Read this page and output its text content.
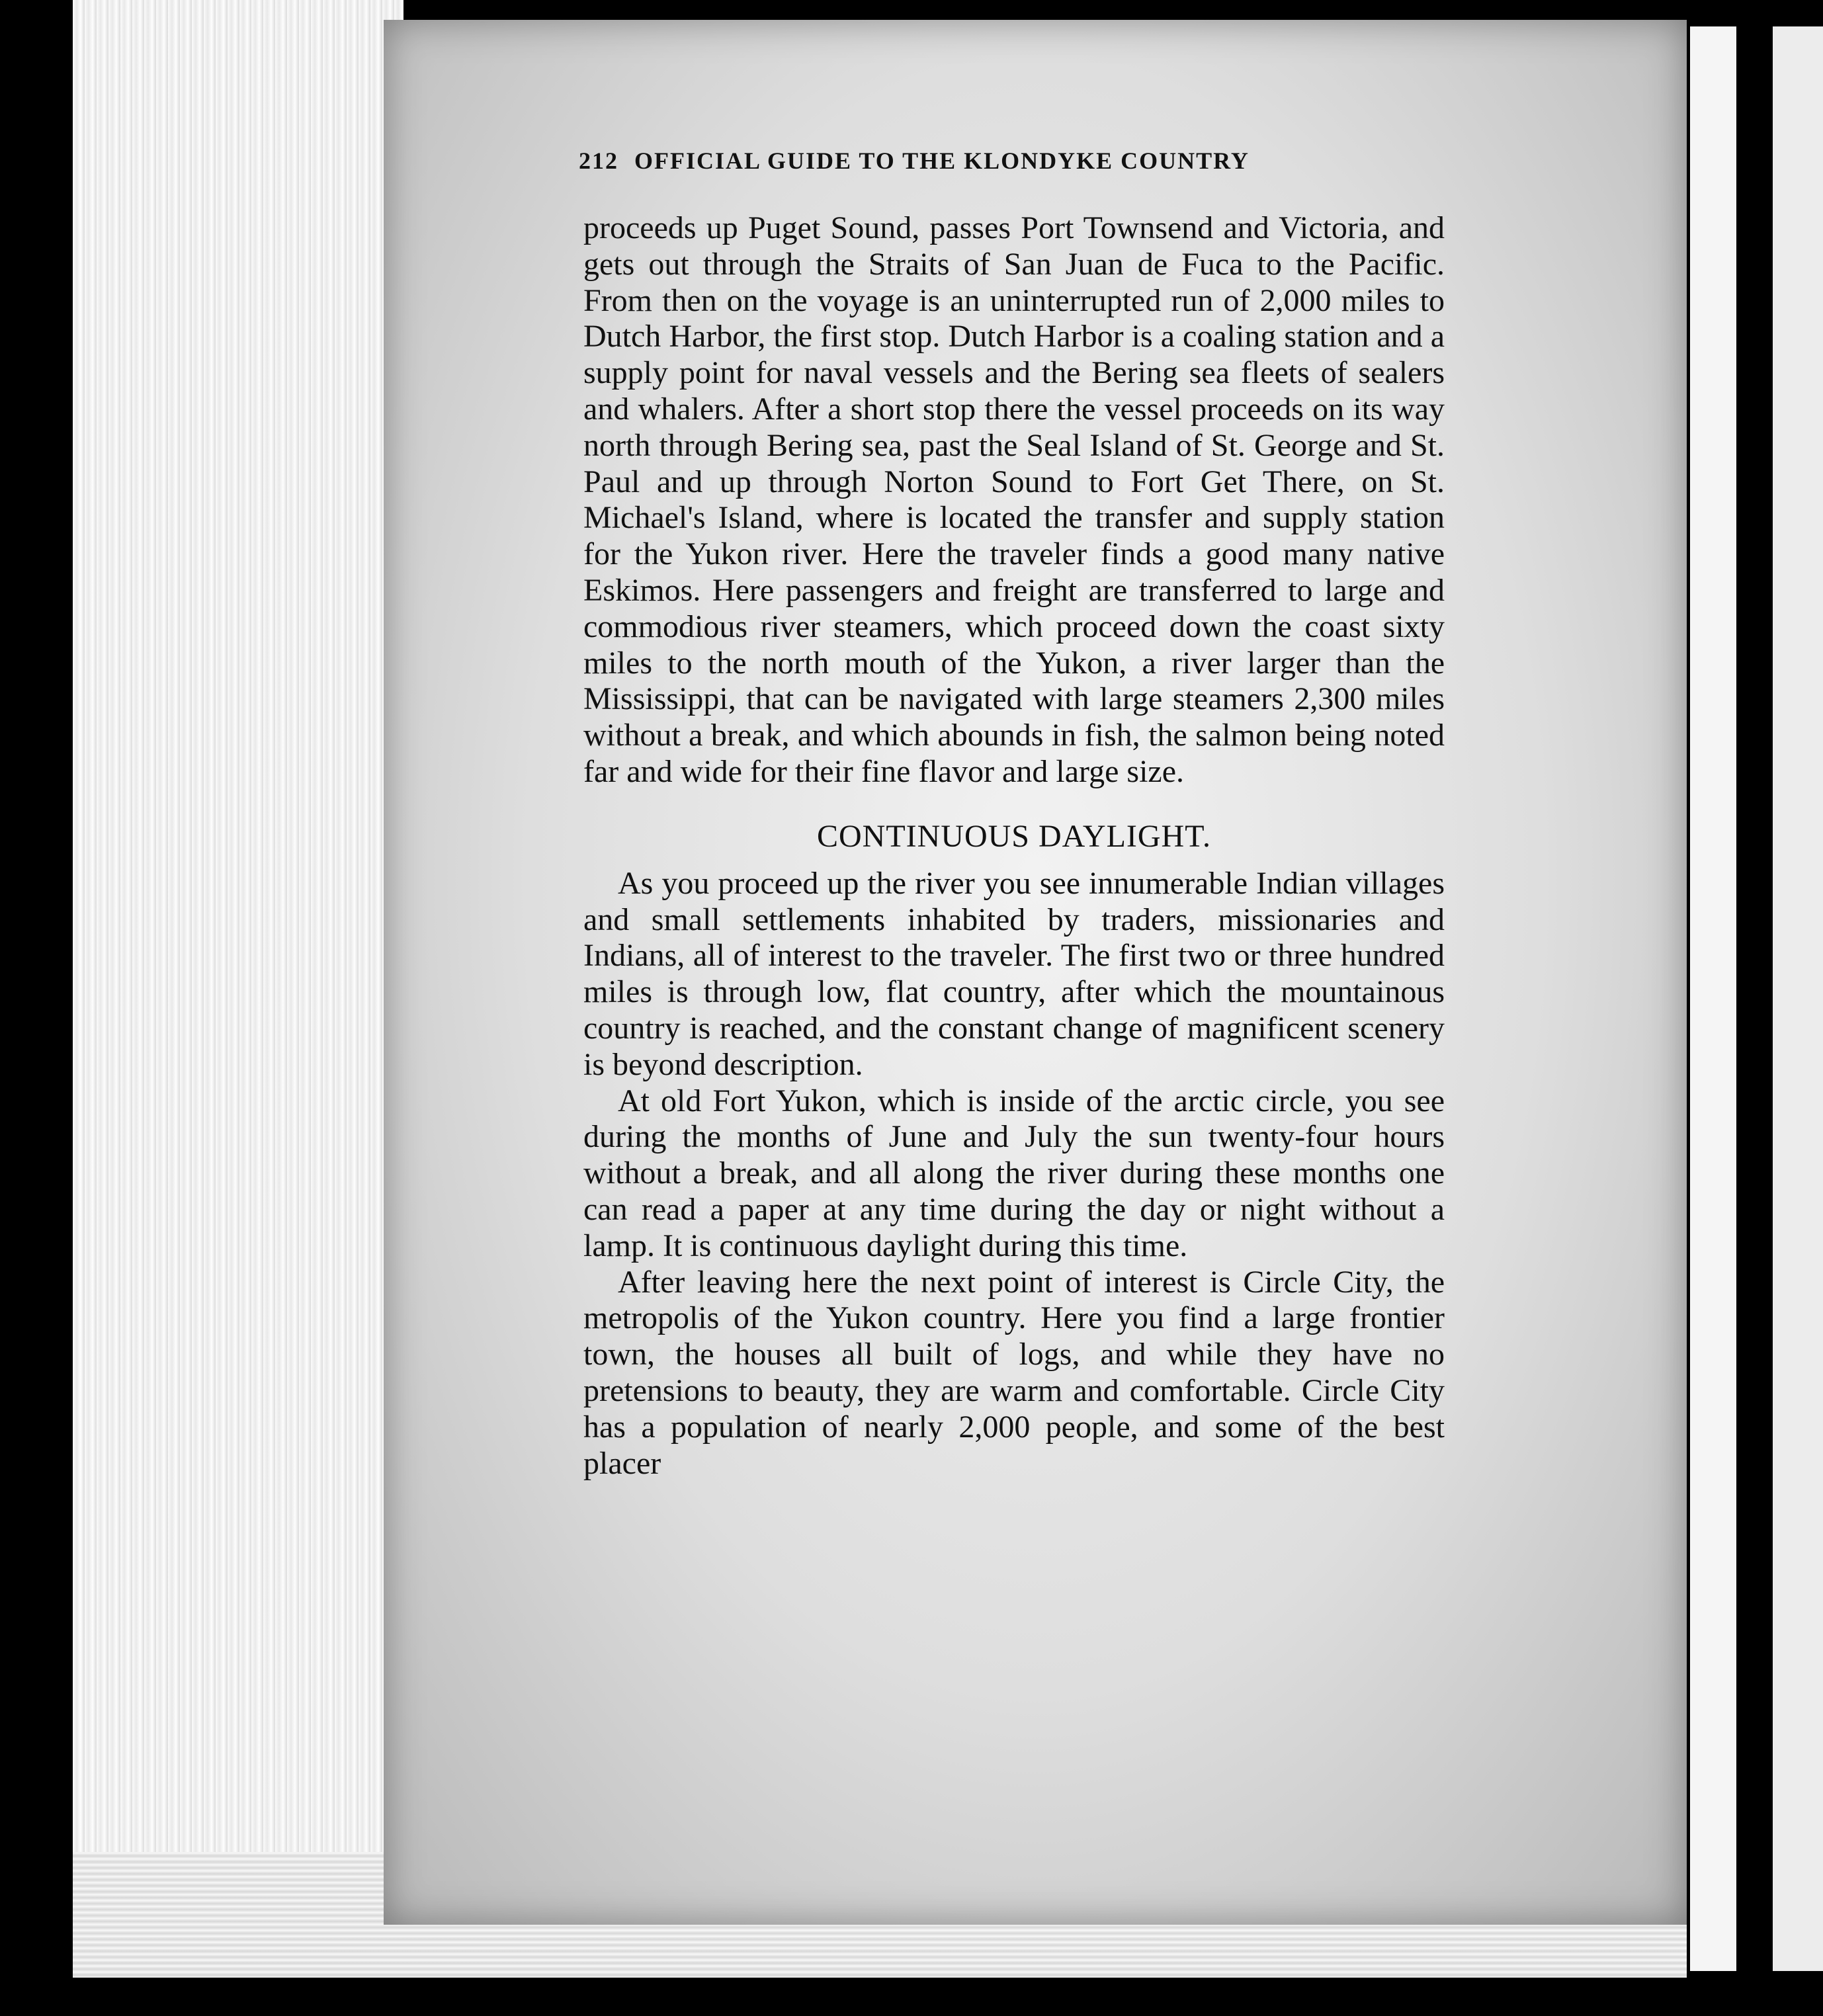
212 OFFICIAL GUIDE TO THE KLONDYKE COUNTRY

proceeds up Puget Sound, passes Port Townsend and Victoria, and gets out through the Straits of San Juan de Fuca to the Pacific. From then on the voyage is an uninterrupted run of 2,000 miles to Dutch Harbor, the first stop. Dutch Harbor is a coaling station and a supply point for naval vessels and the Bering sea fleets of sealers and whalers. After a short stop there the vessel proceeds on its way north through Bering sea, past the Seal Island of St. George and St. Paul and up through Norton Sound to Fort Get There, on St. Michael's Island, where is located the transfer and supply station for the Yukon river. Here the traveler finds a good many native Eskimos. Here passengers and freight are transferred to large and commodious river steamers, which proceed down the coast sixty miles to the north mouth of the Yukon, a river larger than the Mississippi, that can be navigated with large steamers 2,300 miles without a break, and which abounds in fish, the salmon being noted far and wide for their fine flavor and large size.

CONTINUOUS DAYLIGHT.

As you proceed up the river you see innumerable Indian villages and small settlements inhabited by traders, missionaries and Indians, all of interest to the traveler. The first two or three hundred miles is through low, flat country, after which the mountainous country is reached, and the constant change of magnificent scenery is beyond description.

At old Fort Yukon, which is inside of the arctic circle, you see during the months of June and July the sun twenty-four hours without a break, and all along the river during these months one can read a paper at any time during the day or night without a lamp. It is continuous daylight during this time.

After leaving here the next point of interest is Circle City, the metropolis of the Yukon country. Here you find a large frontier town, the houses all built of logs, and while they have no pretensions to beauty, they are warm and comfortable. Circle City has a population of nearly 2,000 people, and some of the best placer
